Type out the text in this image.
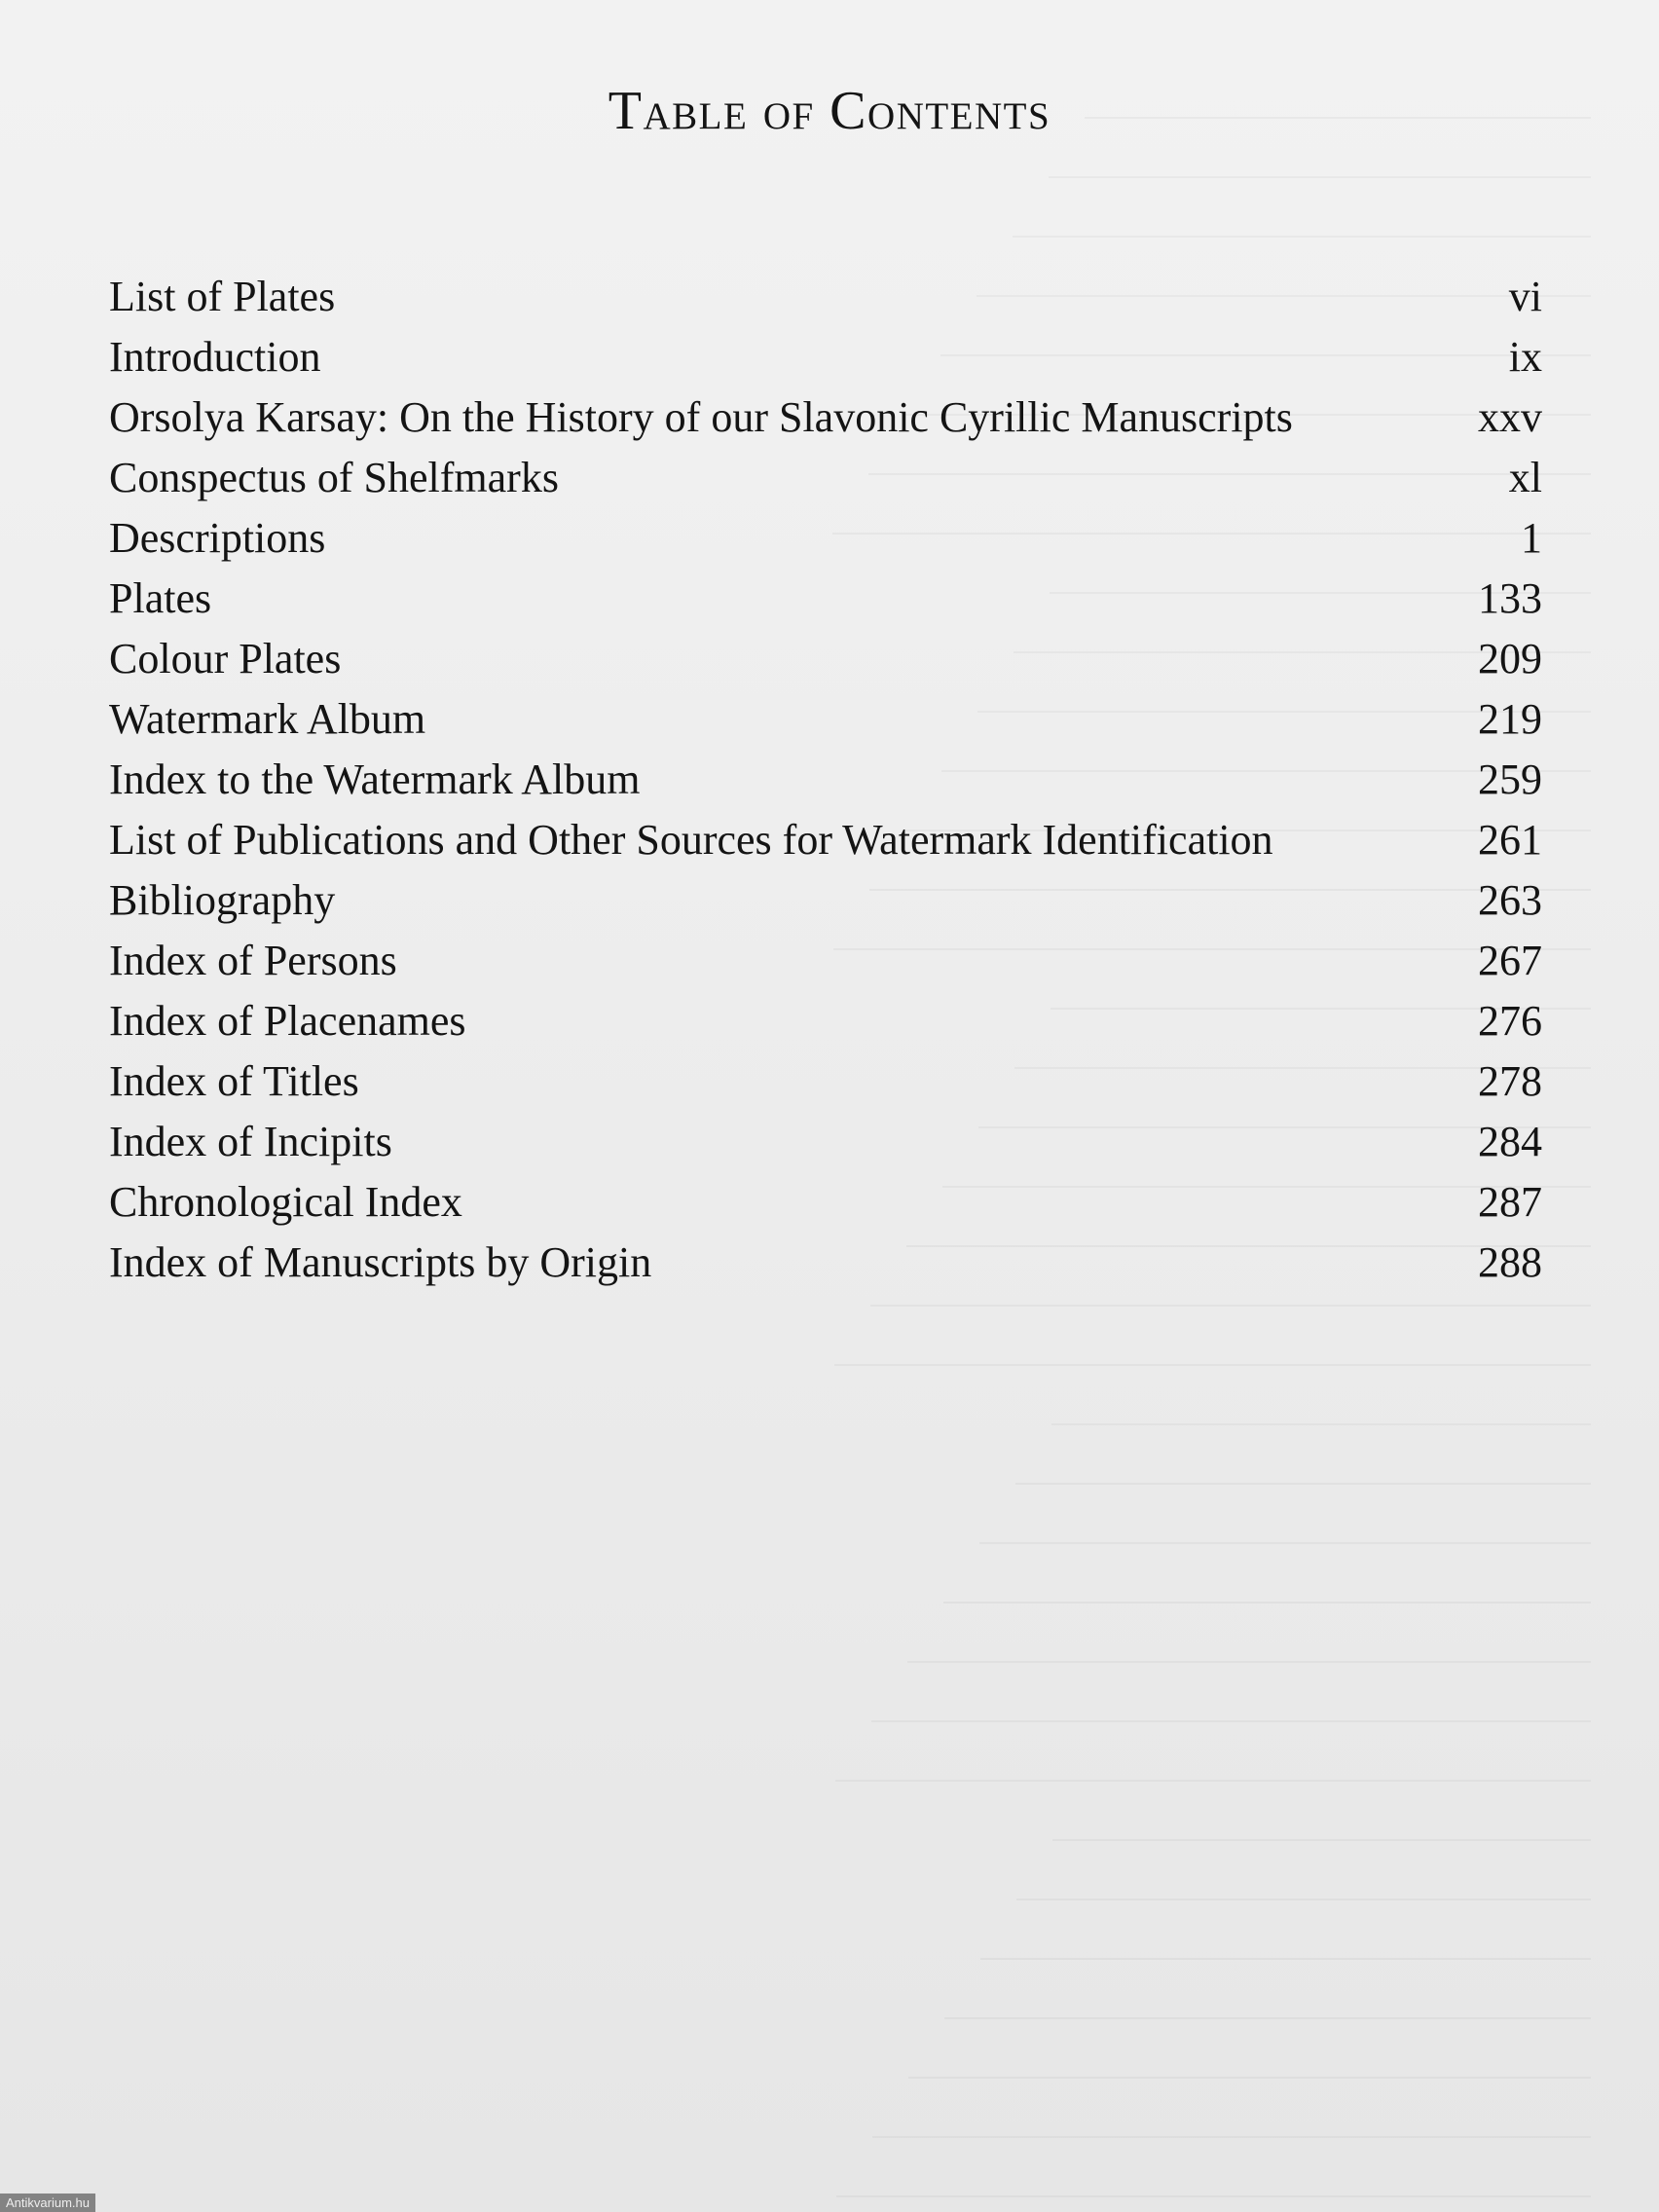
Table of Contents
List of Plates	vi
Introduction	ix
Orsolya Karsay: On the History of our Slavonic Cyrillic Manuscripts	xxv
Conspectus of Shelfmarks	xl
Descriptions	1
Plates	133
Colour Plates	209
Watermark Album	219
Index to the Watermark Album	259
List of Publications and Other Sources for Watermark Identification	261
Bibliography	263
Index of Persons	267
Index of Placenames	276
Index of Titles	278
Index of Incipits	284
Chronological Index	287
Index of Manuscripts by Origin	288
Antikvarium.hu
